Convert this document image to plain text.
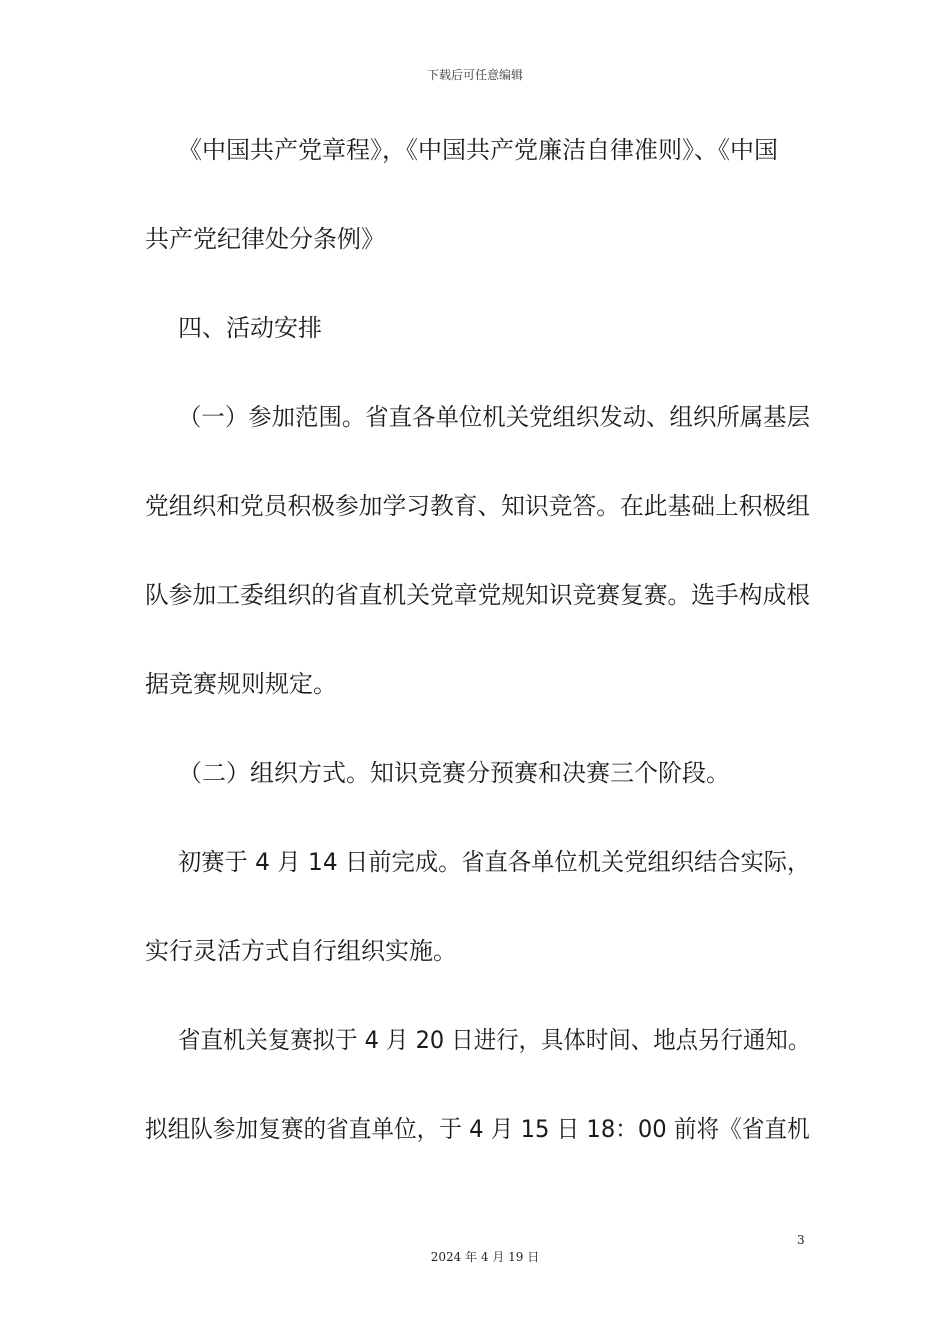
下载后可任意编辑
《中国共产党章程》，《中国共产党廉洁自律准则》、《中国
共产党纪律处分条例》
四、活动安排
（一）参加范围。省直各单位机关党组织发动、组织所属基层
党组织和党员积极参加学习教育、知识竞答。在此基础上积极组
队参加工委组织的省直机关党章党规知识竞赛复赛。选手构成根
据竞赛规则规定。
（二）组织方式。知识竞赛分预赛和决赛三个阶段。
初赛于 4 月 14 日前完成。省直各单位机关党组织结合实际，
实行灵活方式自行组织实施。
省直机关复赛拟于 4 月 20 日进行，具体时间、地点另行通知。
拟组队参加复赛的省直单位，于 4 月 15 日 18：00 前将《省直机
3
2024 年 4 月 19 日
